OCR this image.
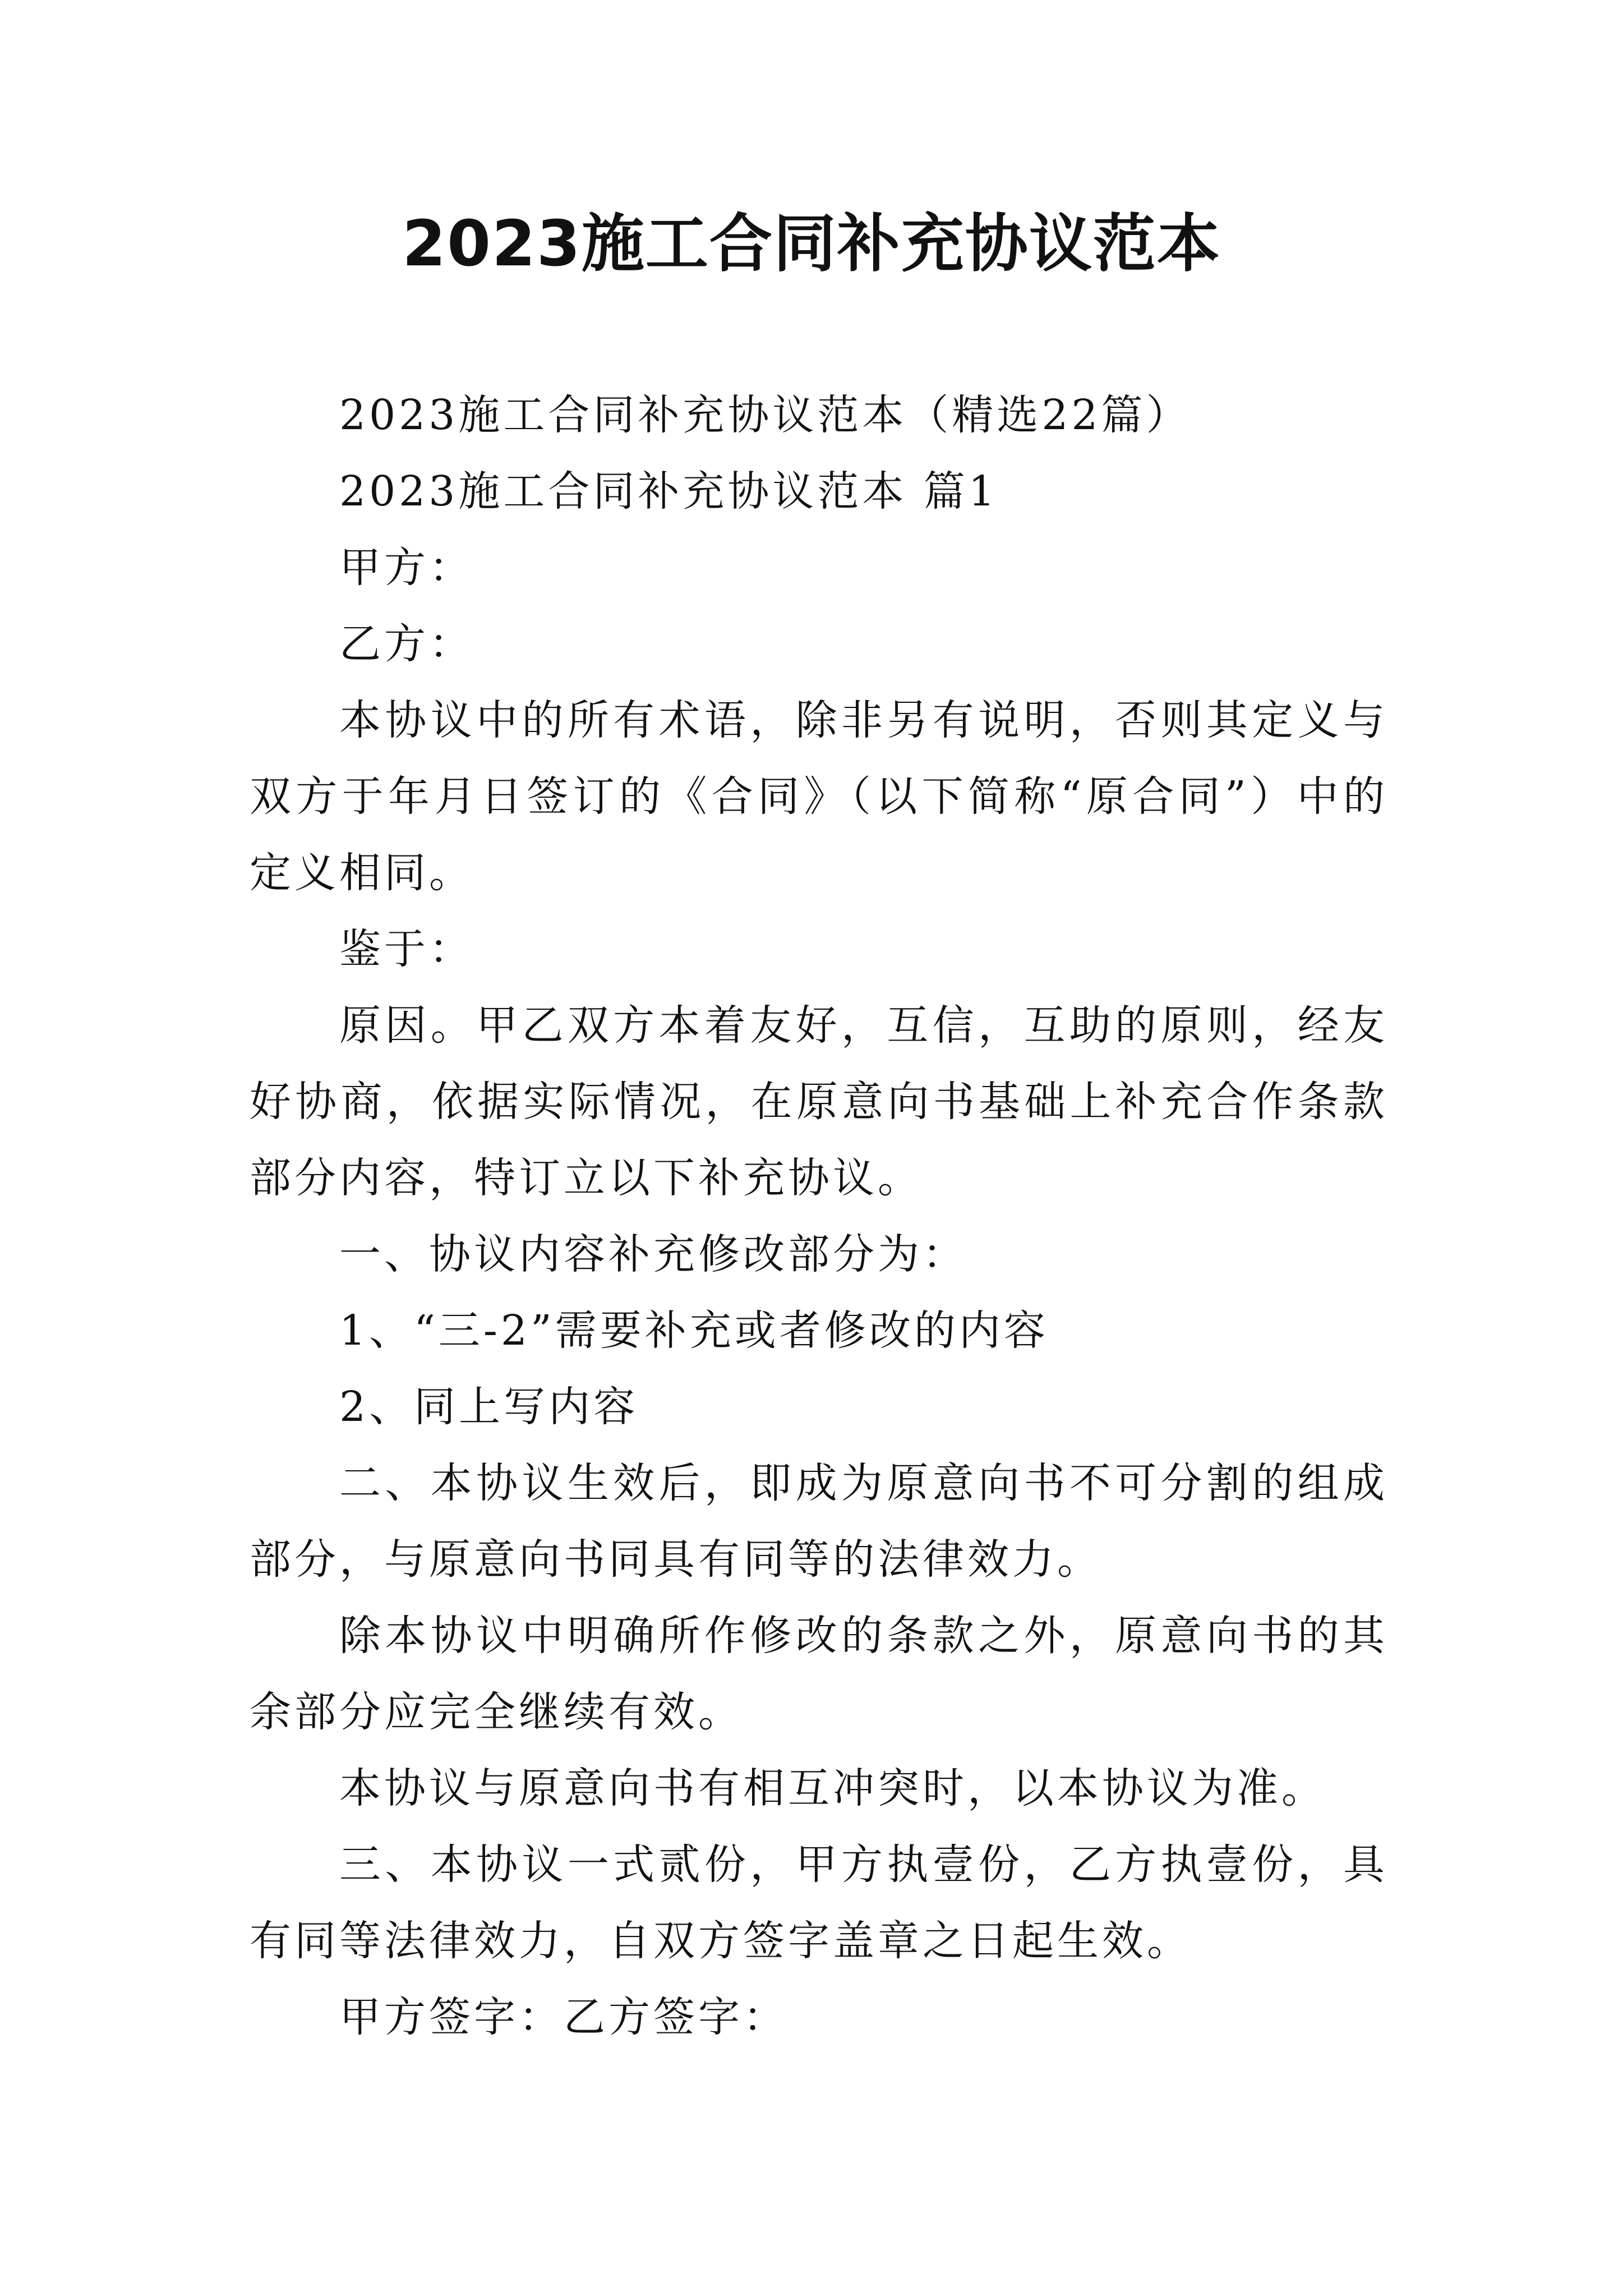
2023施工合同补充协议范本

2023施工合同补充协议范本（精选22篇）

2023施工合同补充协议范本 篇1

甲方：

乙方：

本协议中的所有术语，除非另有说明，否则其定义与双方于年月日签订的《合同》（以下简称“原合同”）中的定义相同。

鉴于：

原因。甲乙双方本着友好，互信，互助的原则，经友好协商，依据实际情况，在原意向书基础上补充合作条款部分内容，特订立以下补充协议。

一、协议内容补充修改部分为：

1、“三-2”需要补充或者修改的内容

2、同上写内容

二、本协议生效后，即成为原意向书不可分割的组成部分，与原意向书同具有同等的法律效力。

除本协议中明确所作修改的条款之外，原意向书的其余部分应完全继续有效。

本协议与原意向书有相互冲突时，以本协议为准。

三、本协议一式贰份，甲方执壹份，乙方执壹份，具有同等法律效力，自双方签字盖章之日起生效。

甲方签字：乙方签字：
